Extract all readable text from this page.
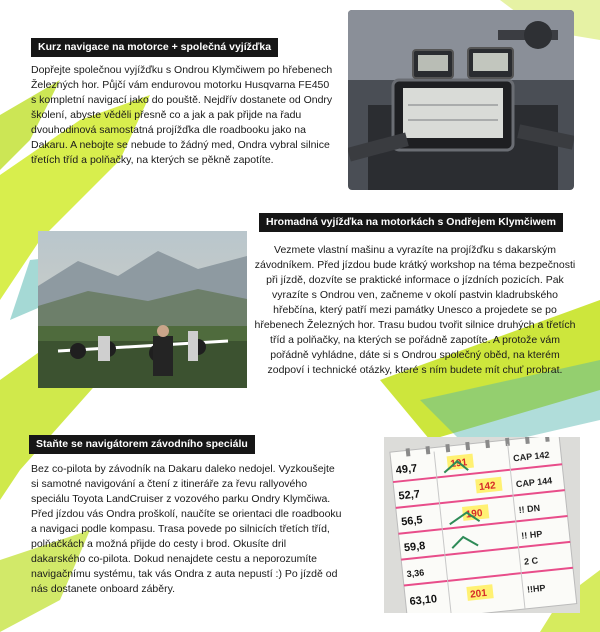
Kurz navigace na motorce + společná vyjížďka

Dopřejte společnou vyjížďku s Ondrou Klymčiwem po hřebenech Železných hor. Půjčí vám endurovou motorku Husqvarna FE450 s kompletní navigací jako do pouště. Nejdřív dostanete od Ondry školení, abyste věděli přesně co a jak a pak přijde na řadu dvouhodinová samostatná projížďka dle roadbooku jako na Dakaru. A nebojte se nebude to žádný med, Ondra vybral silnice třetích tříd a polňačky, na kterých se pěkně zapotíte.

Hromadná vyjížďka na motorkách s Ondřejem Klymčiwem

Vezmete vlastní mašinu a vyrazíte na projížďku s dakarským závodníkem. Před jízdou bude krátký workshop na téma bezpečnosti při jízdě, dozvíte se praktické informace o jízdních pozicích. Pak vyrazíte s Ondrou ven, začneme v okolí pastvin kladrubského hřebčína, který patří mezi památky Unesco a projedete se po hřebenech Železných hor. Trasu budou tvořit silnice druhých a třetích tříd a polňačky, na kterých se pořádně zapotíte. A protože vám pořádně vyhládne, dáte si s Ondrou společný oběd, na kterém zodpoví i technické otázky, které s ním budete mít chuť probrat.

Staňte se navigátorem závodního speciálu

Bez co-pilota by závodník na Dakaru daleko nedojel. Vyzkoušejte si samotné navigování a čtení z itineráře za řevu rallyového speciálu Toyota LandCruiser z vozového parku Ondry Klymčiwa. Před jízdou vás Ondra proškolí, naučíte se orientaci dle roadbooku a navigaci podle kompasu. Trasa povede po silnicích třetích tříd, polňačkách a možná přijde do cesty i brod. Okusíte dril dakarského co-pilota. Dokud nenajdete cestu a neporozumíte navigačnímu systému, tak vás Ondra z auta nepustí :) Po jízdě od nás dostanete onboard záběry.

49,7
52,7
56,5
59,8
3,36
63,10
CAP 142
CAP 144
!! DN
!! HP
2 C
!!HP
191
142
190
201
